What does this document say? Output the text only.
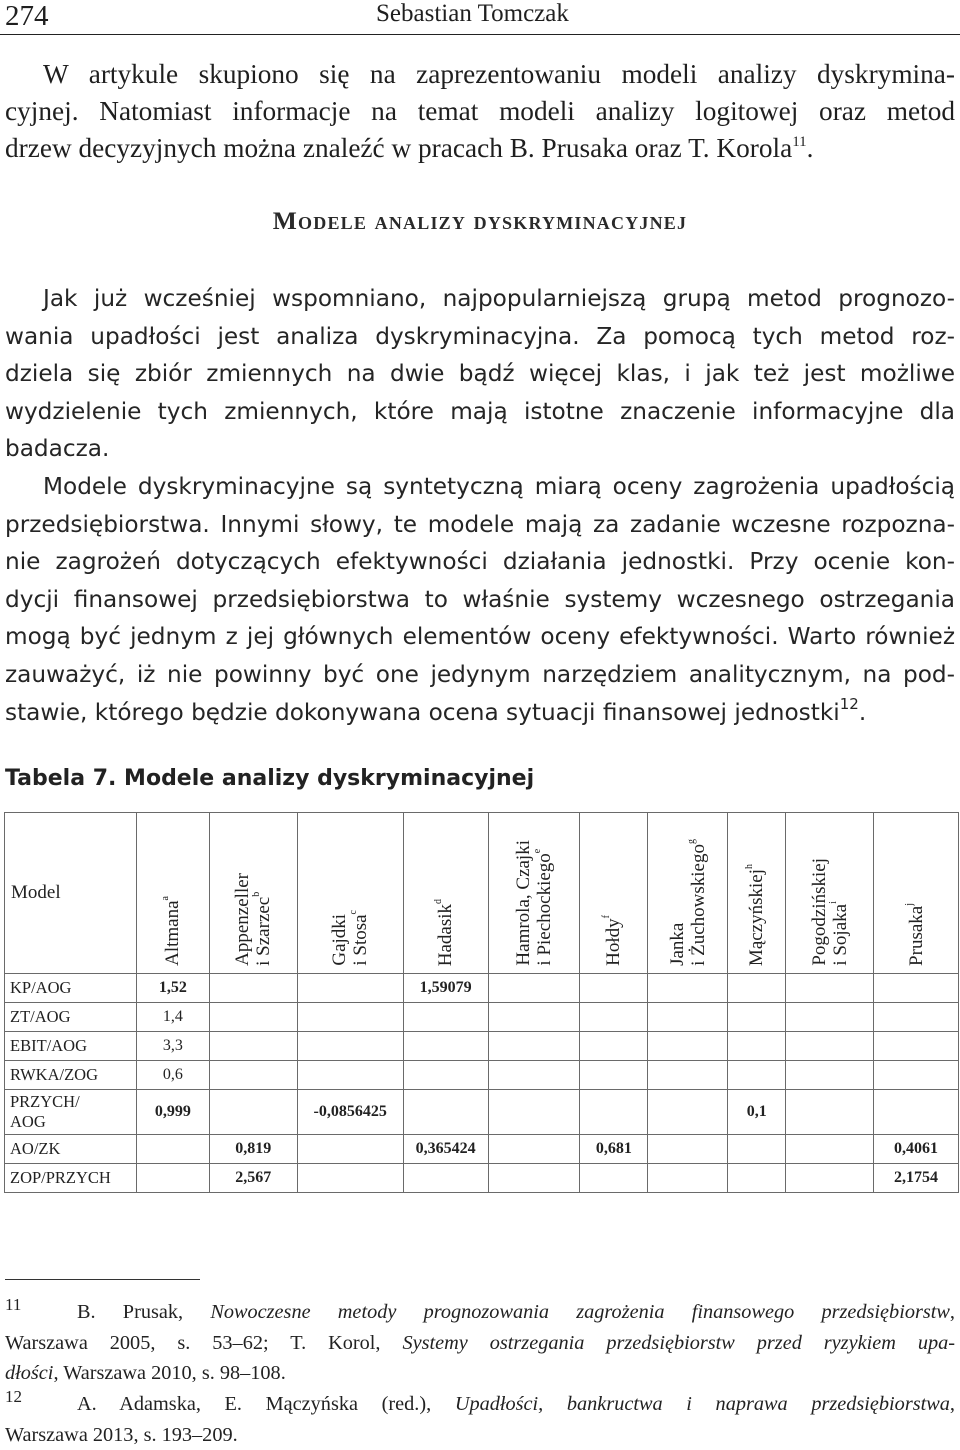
274	Sebastian Tomczak
W artykule skupiono się na zaprezentowaniu modeli analizy dyskrymina-
cyjnej. Natomiast informacje na temat modeli analizy logitowej oraz metod
drzew decyzyjnych można znaleźć w pracach B. Prusaka oraz T. Korola$^{11}$.
Modele analizy dyskryminacyjnej
Jak już wcześniej wspomniano, najpopularniejszą grupą metod prognozo-
wania upadłości jest analiza dyskryminacyjna. Za pomocą tych metod roz-
dziela się zbiór zmiennych na dwie bądź więcej klas, i jak też jest możliwe
wydzielenie tych zmiennych, które mają istotne znaczenie informacyjne dla
badacza.
Modele dyskryminacyjne są syntetyczną miarą oceny zagrożenia upadłością
przedsiębiorstwa. Innymi słowy, te modele mają za zadanie wczesne rozpozna-
nie zagrożeń dotyczących efektywności działania jednostki. Przy ocenie kon-
dycji finansowej przedsiębiorstwa to właśnie systemy wczesnego ostrzegania
mogą być jednym z jej głównych elementów oceny efektywności. Warto również
zauważyć, iż nie powinny być one jedynym narzędziem analitycznym, na pod-
stawie, którego będzie dokonywana ocena sytuacji finansowej jednostki$^{12}$.

Tabela 7. Modele analizy dyskryminacyjnej

Model	Altmana$^a$	Appenzeller
i Szarzec$^b$	Gajdki
i Stosa$^c$	Hadasik$^d$	Hamrola, Czajki
i Piechockiego$^e$	Hołdy$^f$	Janka
i Żuchowskiego$^g$	Mączyńskiej$^h$	Pogodzińskiej
i Sojaka$^i$	Prusaka$^j$
KP/AOG	1,52			1,59079						
ZT/AOG	1,4									
EBIT/AOG	3,3									
RWKA/ZOG	0,6									
PRZYCH/
AOG	0,999		-0,0856425					0,1		
AO/ZK		0,819		0,365424		0,681				0,4061
ZOP/PRZYCH		2,567								2,1754
11	B. Prusak, Nowoczesne metody prognozowania zagrożenia finansowego przedsiębiorstw,
Warszawa 2005, s. 53–62; T. Korol, Systemy ostrzegania przedsiębiorstw przed ryzykiem upa-
dłości, Warszawa 2010, s. 98–108.
12	A. Adamska, E. Mączyńska (red.), Upadłości, bankructwa i naprawa przedsiębiorstwa,
Warszawa 2013, s. 193–209.
